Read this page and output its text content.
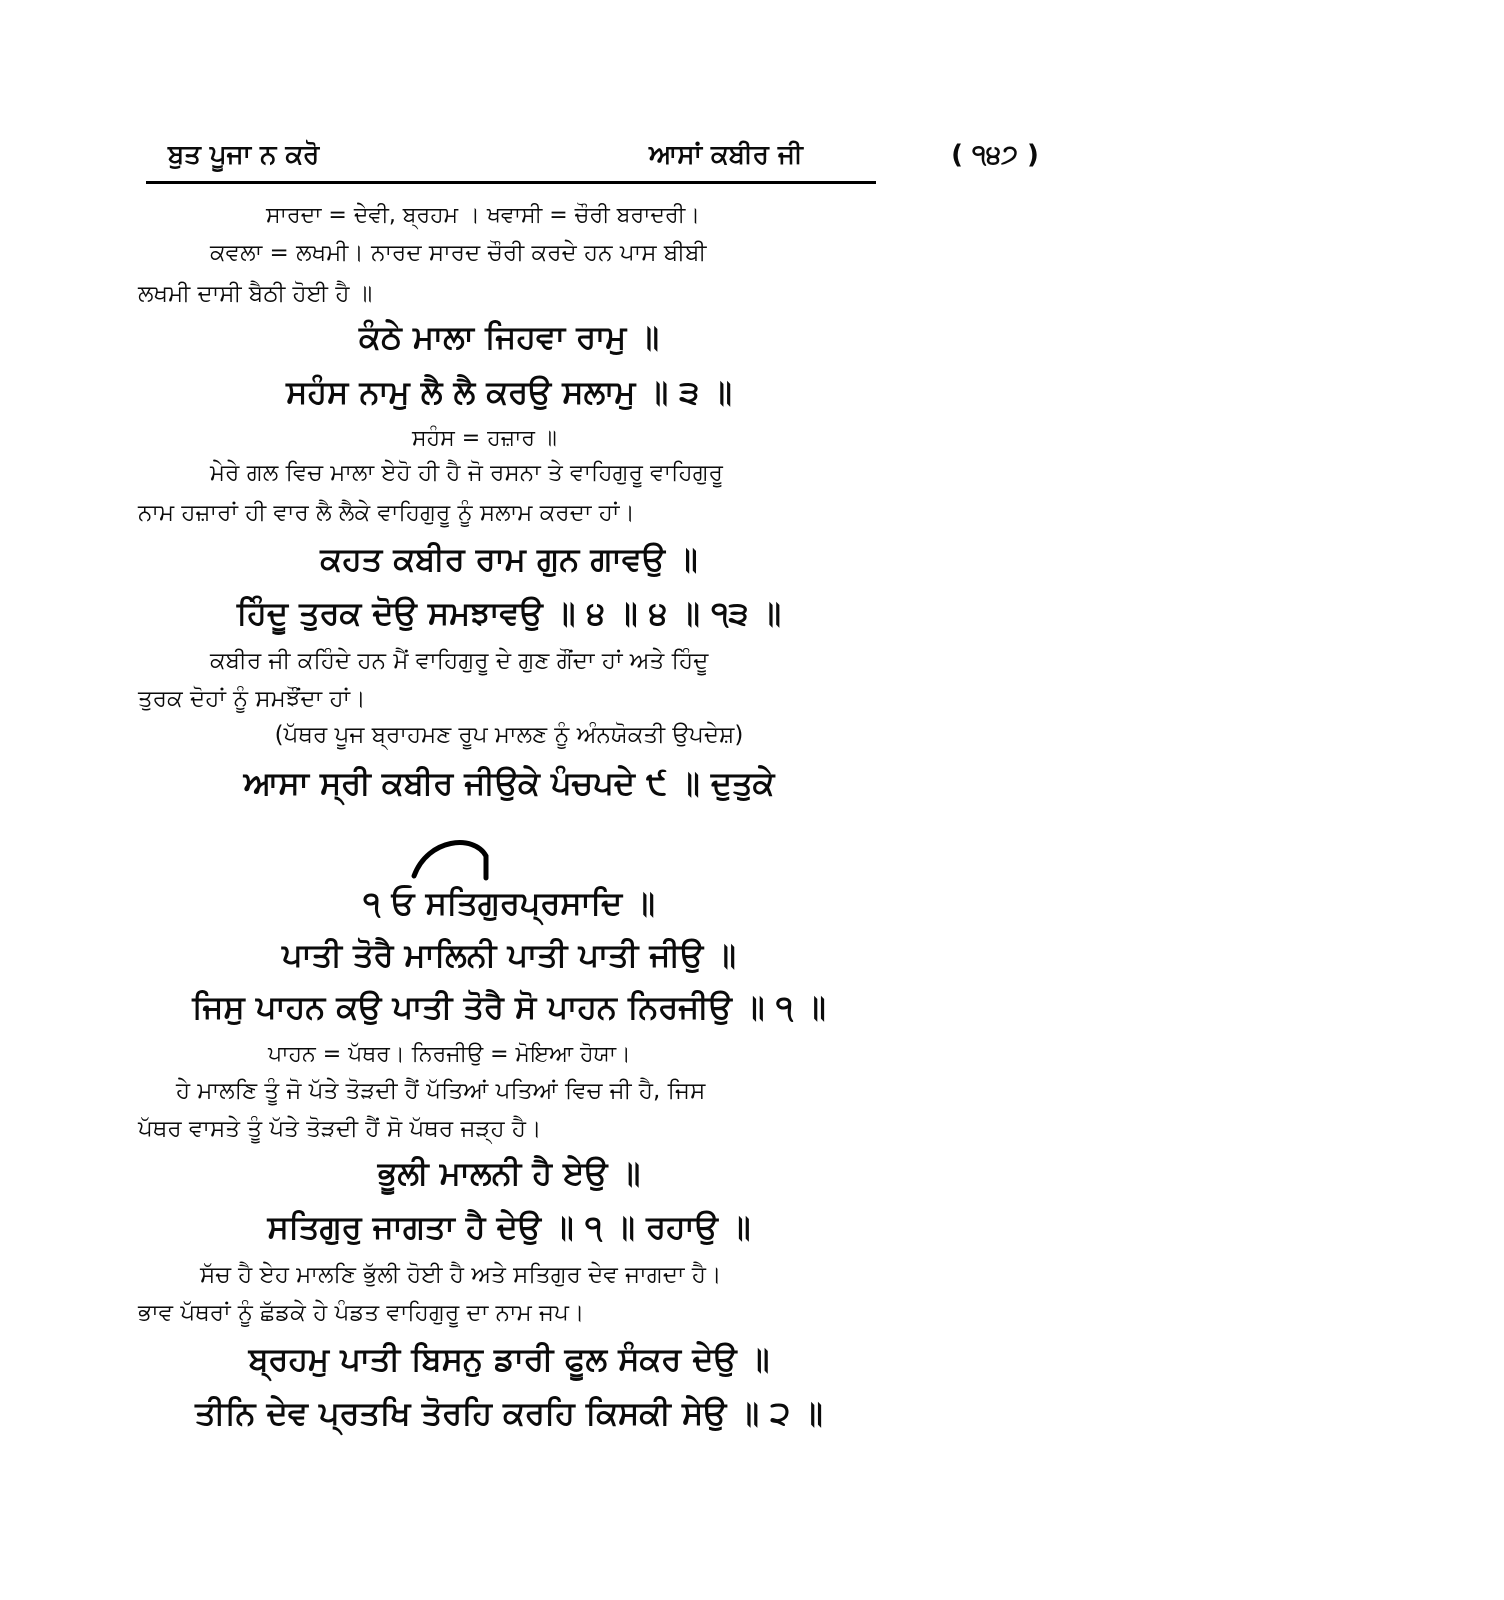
ਬੁਤ ਪੂਜਾ ਨ ਕਰੋ	( ੧੪੭ )
ਆਸਾਂ ਕਬੀਰ ਜੀ
ਸਾਰਦਾ = ਦੇਵੀ, ਬ੍ਰਹਮ । ਖਵਾਸੀ = ਚੌਰੀ ਬਰਾਦਰੀ।
ਕਵਲਾ = ਲਖਮੀ। ਨਾਰਦ ਸਾਰਦ ਚੌਰੀ ਕਰਦੇ ਹਨ ਪਾਸ ਬੀਬੀ
ਲਖਮੀ ਦਾਸੀ ਬੈਠੀ ਹੋਈ ਹੈ ॥
ਕੰਠੇ ਮਾਲਾ ਜਿਹਵਾ ਰਾਮੁ ॥
ਸਹੰਸ ਨਾਮੁ ਲੈ ਲੈ ਕਰਉ ਸਲਾਮੁ ॥ ੩ ॥
ਸਹੰਸ = ਹਜ਼ਾਰ ॥
ਮੇਰੇ ਗਲ ਵਿਚ ਮਾਲਾ ਏਹੋ ਹੀ ਹੈ ਜੋ ਰਸਨਾ ਤੇ ਵਾਹਿਗੁਰੂ ਵਾਹਿਗੁਰੂ
ਨਾਮ ਹਜ਼ਾਰਾਂ ਹੀ ਵਾਰ ਲੈ ਲੈਕੇ ਵਾਹਿਗੁਰੂ ਨੂੰ ਸਲਾਮ ਕਰਦਾ ਹਾਂ।
ਕਹਤ ਕਬੀਰ ਰਾਮ ਗੁਨ ਗਾਵਉ ॥
ਹਿੰਦੂ ਤੁਰਕ ਦੋਉ ਸਮਝਾਵਉ ॥ ੪ ॥ ੪ ॥ ੧੩ ॥
ਕਬੀਰ ਜੀ ਕਹਿੰਦੇ ਹਨ ਮੈਂ ਵਾਹਿਗੁਰੂ ਦੇ ਗੁਣ ਗੌਂਦਾ ਹਾਂ ਅਤੇ ਹਿੰਦੂ
ਤੁਰਕ ਦੋਹਾਂ ਨੂੰ ਸਮਝੌਂਦਾ ਹਾਂ।
(ਪੱਥਰ ਪੂਜ ਬ੍ਰਾਹਮਣ ਰੂਪ ਮਾਲਣ ਨੂੰ ਅੰਨਯੋਕਤੀ ਉਪਦੇਸ਼)
ਆਸਾ ਸ੍ਰੀ ਕਬੀਰ ਜੀਉਕੇ ਪੰਚਪਦੇ ੯ ॥ ਦੁਤੁਕੇ
੧ ਓ ਸਤਿਗੁਰਪ੍ਰਸਾਦਿ ॥
ਪਾਤੀ ਤੋਰੈ ਮਾਲਿਨੀ ਪਾਤੀ ਪਾਤੀ ਜੀਉ ॥
ਜਿਸੁ ਪਾਹਨ ਕਉ ਪਾਤੀ ਤੋਰੈ ਸੋ ਪਾਹਨ ਨਿਰਜੀਉ ॥ ੧ ॥
ਪਾਹਨ = ਪੱਥਰ। ਨਿਰਜੀਉ = ਮੋਇਆ ਹੋਯਾ।
ਹੇ ਮਾਲਣਿ ਤੂੰ ਜੋ ਪੱਤੇ ਤੋੜਦੀ ਹੈਂ ਪੱਤਿਆਂ ਪਤਿਆਂ ਵਿਚ ਜੀ ਹੈ, ਜਿਸ
ਪੱਥਰ ਵਾਸਤੇ ਤੂੰ ਪੱਤੇ ਤੋੜਦੀ ਹੈਂ ਸੋ ਪੱਥਰ ਜੜ੍ਹ ਹੈ।
ਭੂਲੀ ਮਾਲਨੀ ਹੈ ਏਉ ॥
ਸਤਿਗੁਰੁ ਜਾਗਤਾ ਹੈ ਦੇਉ ॥ ੧ ॥ ਰਹਾਉ ॥
ਸੱਚ ਹੈ ਏਹ ਮਾਲਣਿ ਭੁੱਲੀ ਹੋਈ ਹੈ ਅਤੇ ਸਤਿਗੁਰ ਦੇਵ ਜਾਗਦਾ ਹੈ।
ਭਾਵ ਪੱਥਰਾਂ ਨੂੰ ਛੱਡਕੇ ਹੇ ਪੰਡਤ ਵਾਹਿਗੁਰੂ ਦਾ ਨਾਮ ਜਪ।
ਬ੍ਰਹਮੁ ਪਾਤੀ ਬਿਸਨੁ ਡਾਰੀ ਫੂਲ ਸੰਕਰ ਦੇਉ ॥
ਤੀਨਿ ਦੇਵ ਪ੍ਰਤਖਿ ਤੋਰਹਿ ਕਰਹਿ ਕਿਸਕੀ ਸੇਉ ॥ ੨ ॥
